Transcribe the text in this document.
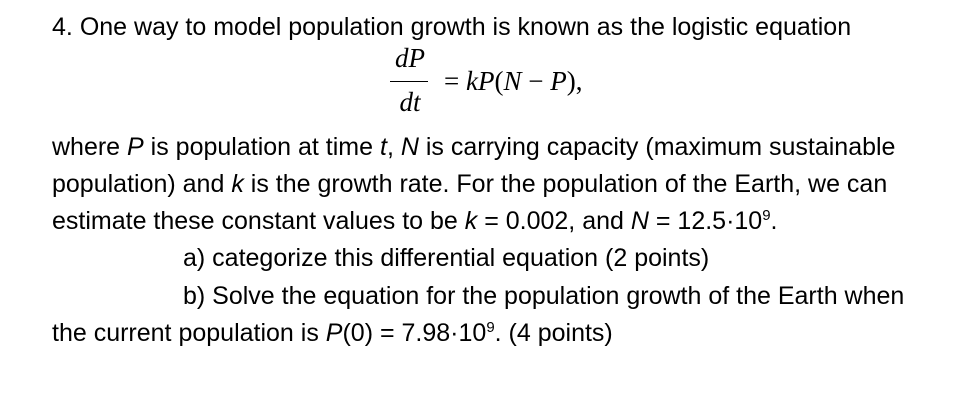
4. One way to model population growth is known as the logistic equation
dP
dt
= kP(N − P),
where P is population at time t, N is carrying capacity (maximum sustainable
population) and k is the growth rate. For the population of the Earth, we can
estimate these constant values to be k = 0.002, and $N = 12.5\cdot 10^9$.
a) categorize this differential equation (2 points)
b) Solve the equation for the population growth of the Earth when
the current population is $P(0) = 7.98\cdot 10^9$. (4 points)
